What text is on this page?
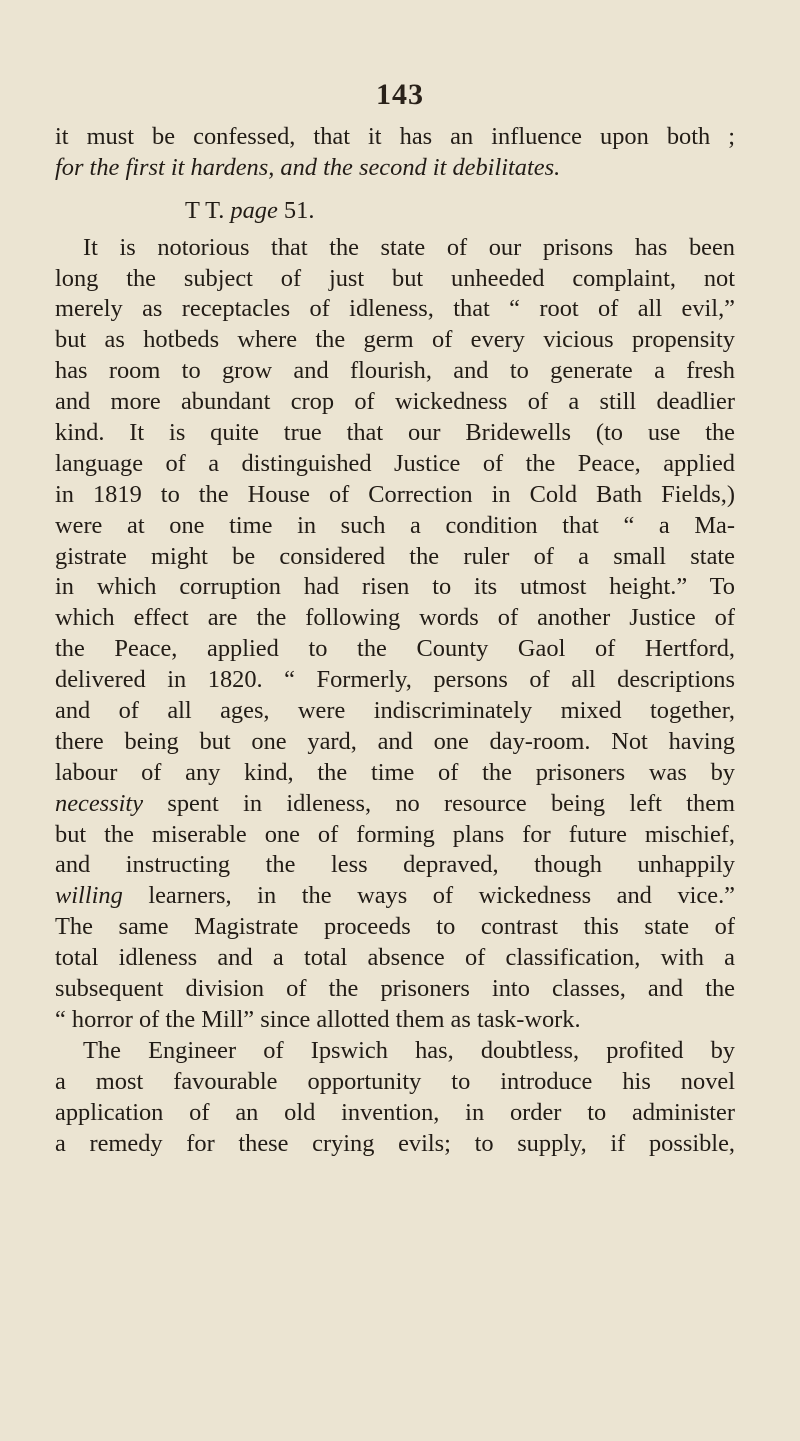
143
it must be confessed, that it has an influence upon both ;
for the first it hardens, and the second it debilitates.
T T. page 51.
It is notorious that the state of our prisons has been
long the subject of just but unheeded complaint, not
merely as receptacles of idleness, that “ root of all evil,”
but as hotbeds where the germ of every vicious propensity
has room to grow and flourish, and to generate a fresh
and more abundant crop of wickedness of a still deadlier
kind. It is quite true that our Bridewells (to use the
language of a distinguished Justice of the Peace, applied
in 1819 to the House of Correction in Cold Bath Fields,)
were at one time in such a condition that “ a Ma-
gistrate might be considered the ruler of a small state
in which corruption had risen to its utmost height.” To
which effect are the following words of another Justice of
the Peace, applied to the County Gaol of Hertford,
delivered in 1820. “ Formerly, persons of all descriptions
and of all ages, were indiscriminately mixed together,
there being but one yard, and one day-room. Not having
labour of any kind, the time of the prisoners was by
necessity spent in idleness, no resource being left them
but the miserable one of forming plans for future mischief,
and instructing the less depraved, though unhappily
willing learners, in the ways of wickedness and vice.”
The same Magistrate proceeds to contrast this state of
total idleness and a total absence of classification, with a
subsequent division of the prisoners into classes, and the
“ horror of the Mill” since allotted them as task-work.
The Engineer of Ipswich has, doubtless, profited by
a most favourable opportunity to introduce his novel
application of an old invention, in order to administer
a remedy for these crying evils; to supply, if possible,
